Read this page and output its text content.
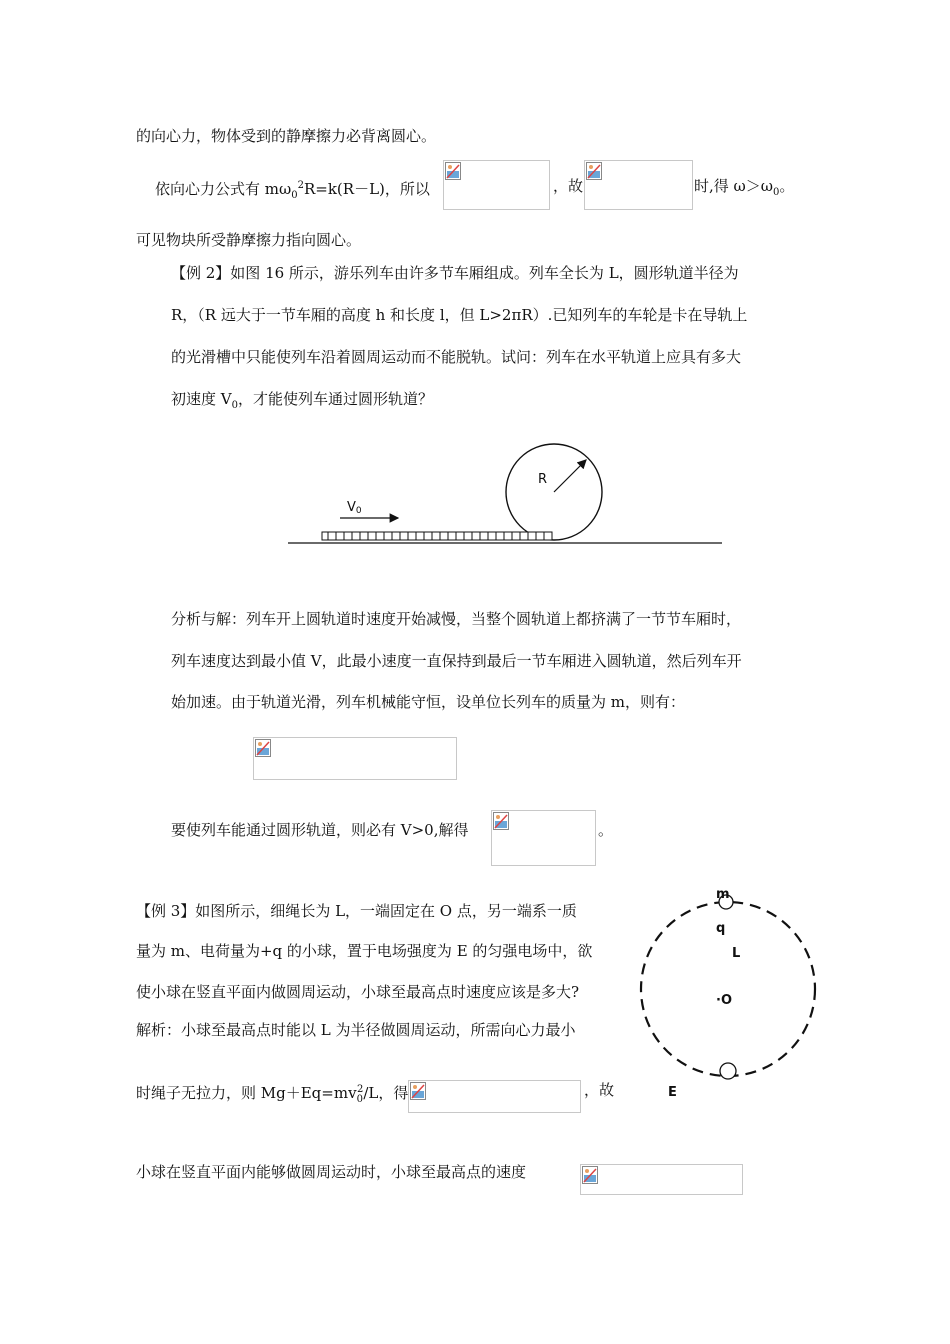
的向心力，物体受到的静摩擦力必背离圆心。
依向心力公式有 $m\omega_0^2R=k(R-L)$，所以	，故	时,得 $\omega>\omega_0$。
可见物块所受静摩擦力指向圆心。
【例 2】如图 16 所示，游乐列车由许多节车厢组成。列车全长为 L，圆形轨道半径为
R，（R 远大于一节车厢的高度 h 和长度 l，但 L>2πR）.已知列车的车轮是卡在导轨上
的光滑槽中只能使列车沿着圆周运动而不能脱轨。试问：列车在水平轨道上应具有多大
初速度 $V_0$，才能使列车通过圆形轨道？
R
V0
分析与解：列车开上圆轨道时速度开始减慢，当整个圆轨道上都挤满了一节节车厢时，
列车速度达到最小值 V，此最小速度一直保持到最后一节车厢进入圆轨道，然后列车开
始加速。由于轨道光滑，列车机械能守恒，设单位长列车的质量为 m，则有：
要使列车能通过圆形轨道，则必有 V>0,解得	。
【例 3】如图所示，细绳长为 L，一端固定在 O 点，另一端系一质
量为 m、电荷量为+q 的小球，置于电场强度为 E 的匀强电场中，欲
使小球在竖直平面内做圆周运动，小球至最高点时速度应该是多大?
解析：小球至最高点时能以 L 为半径做圆周运动，所需向心力最小
时绳子无拉力，则 $Mg+Eq=mv_0^2/L$，得	，故
小球在竖直平面内能够做圆周运动时，小球至最高点的速度
m
q
L
·O
E
